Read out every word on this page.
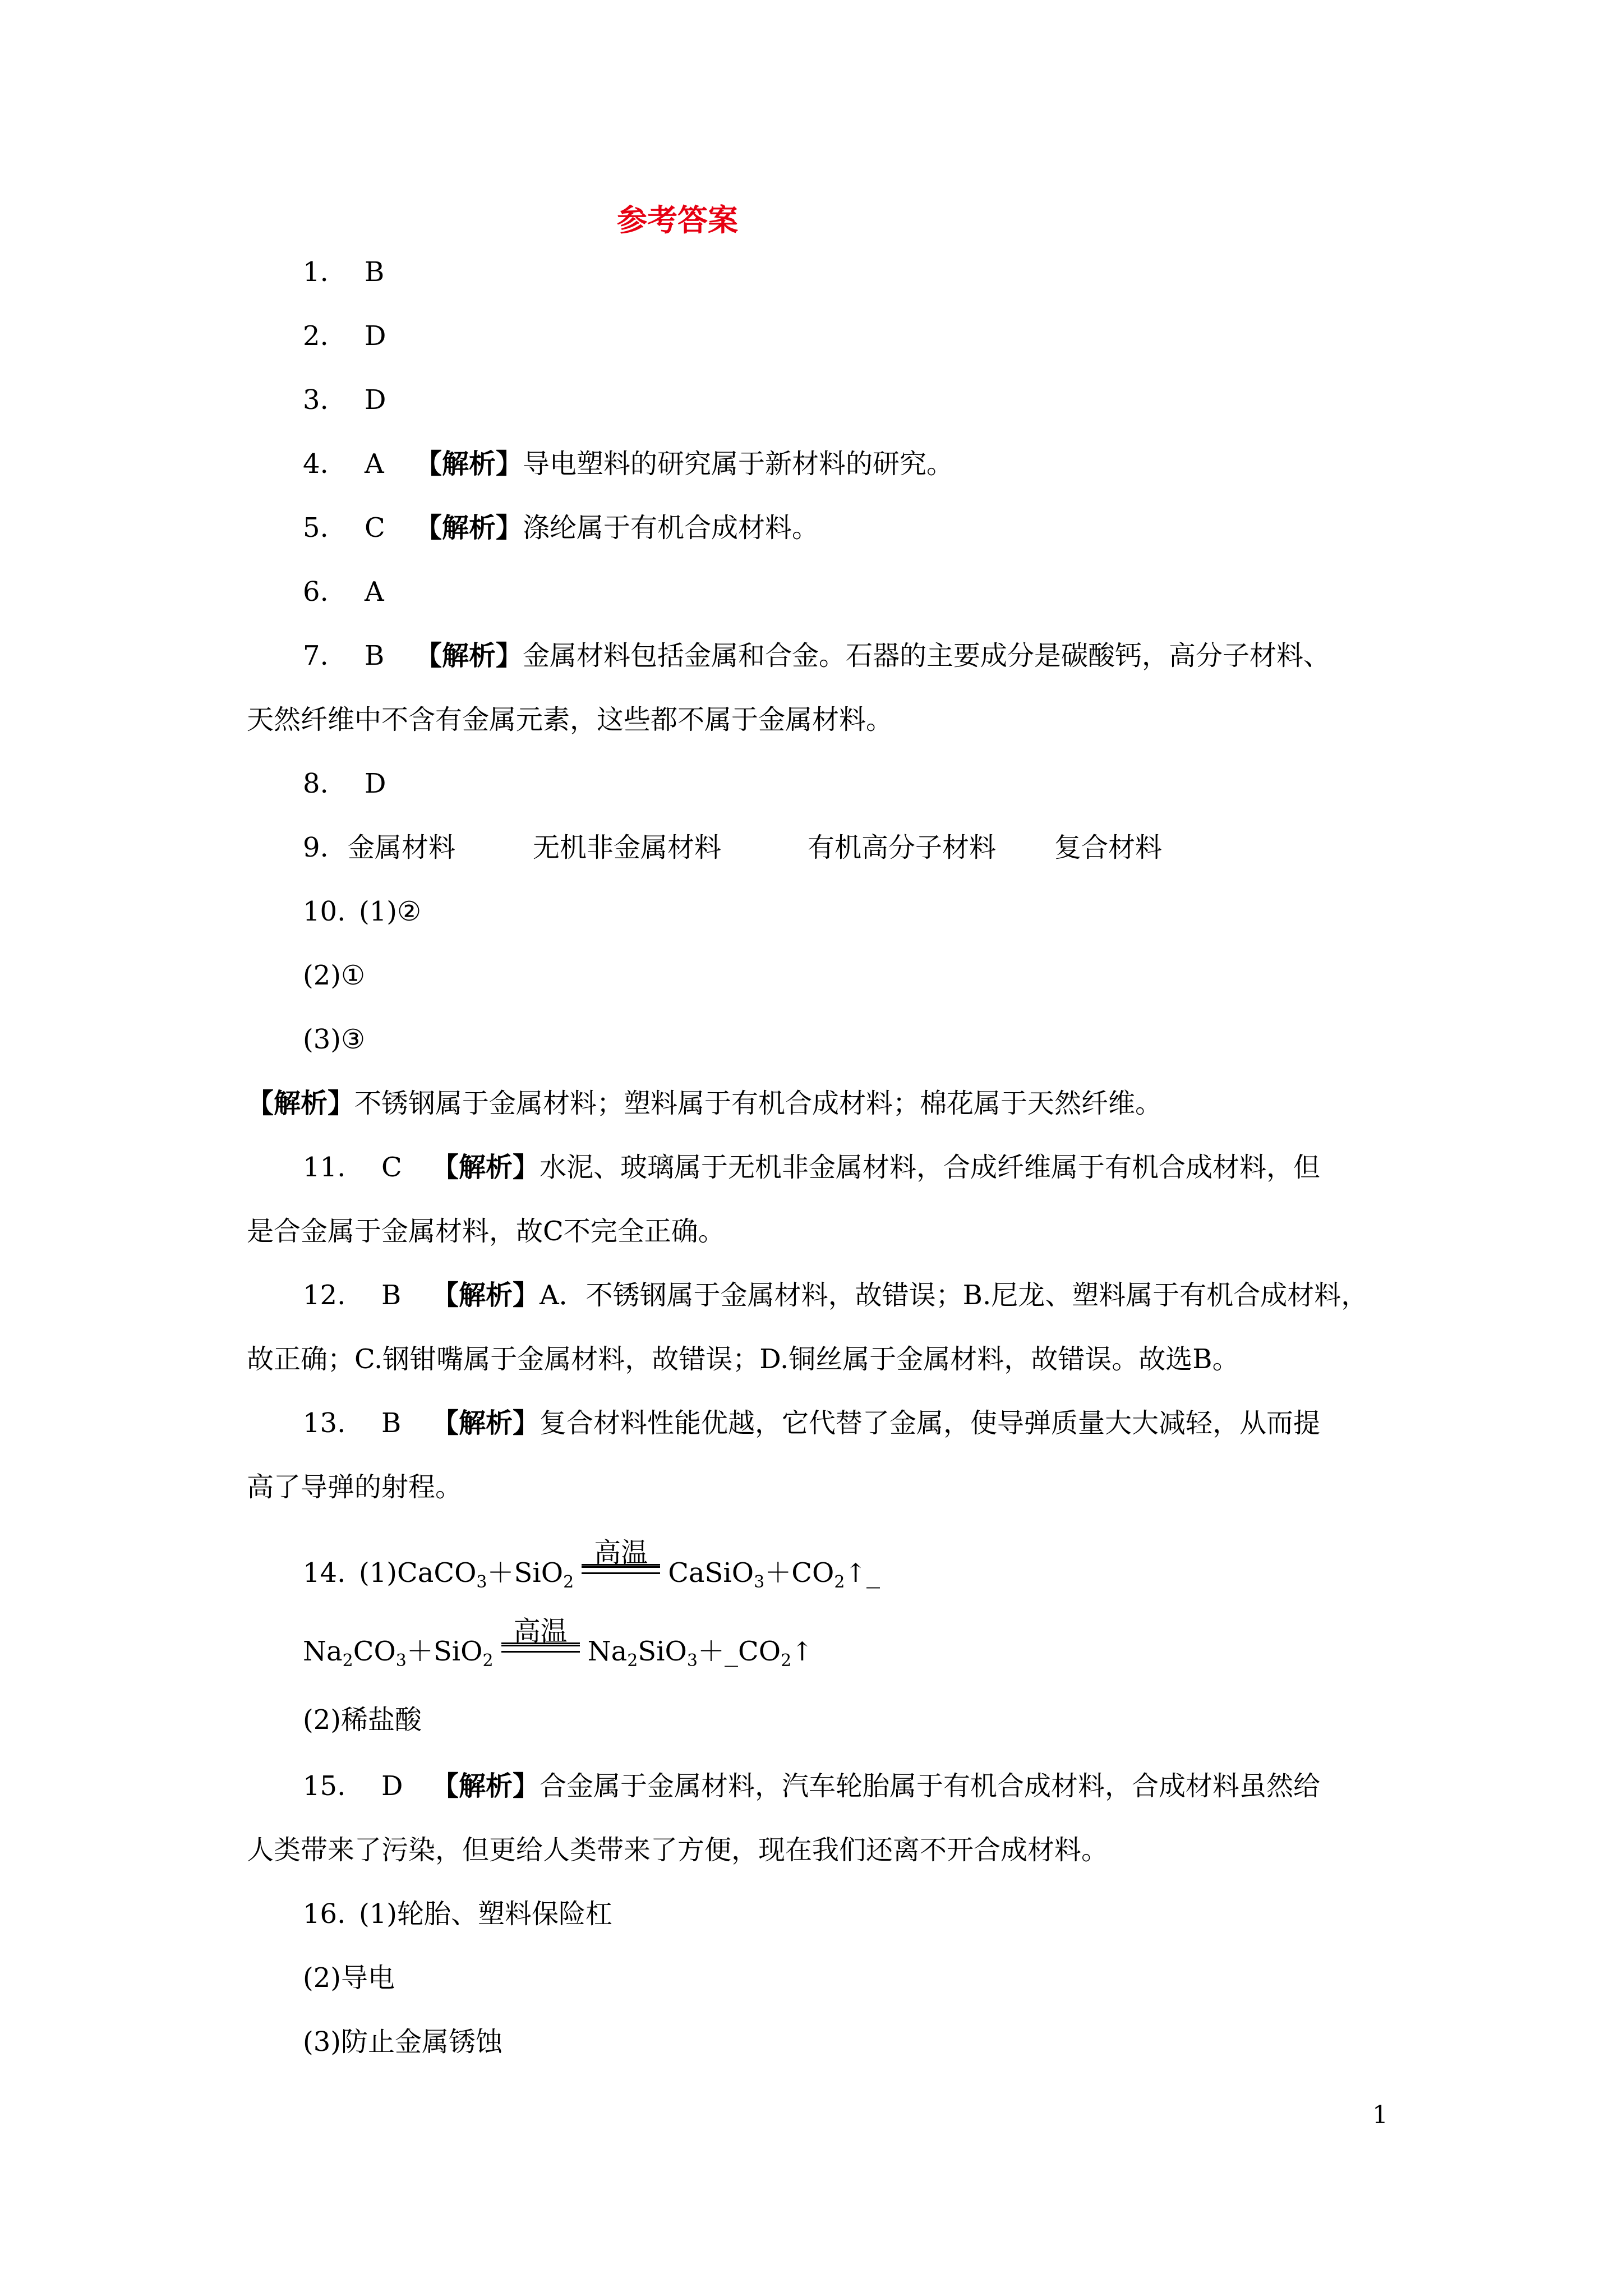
参考答案
1. B
2. D
3. D
4. A 【解析】导电塑料的研究属于新材料的研究。
5. C 【解析】涤纶属于有机合成材料。
6. A
7. B 【解析】金属材料包括金属和合金。石器的主要成分是碳酸钙，高分子材料、
天然纤维中不含有金属元素，这些都不属于金属材料。
8. D
9. 金属材料	无机非金属材料	有机高分子材料 复合材料
10. (1)②
(2)①
(3)③
【解析】不锈钢属于金属材料；塑料属于有机合成材料；棉花属于天然纤维。
11. C 【解析】水泥、玻璃属于无机非金属材料，合成纤维属于有机合成材料，但
是合金属于金属材料，故C不完全正确。
12. B 【解析】A．不锈钢属于金属材料，故错误；B.尼龙、塑料属于有机合成材料，
故正确；C.钢钳嘴属于金属材料，故错误；D.铜丝属于金属材料，故错误。故选B。
13. B 【解析】复合材料性能优越，它代替了金属，使导弹质量大大减轻，从而提
高了导弹的射程。
14. (1)CaCO$_3$＋SiO$_2$
高温
$CaSiO_3+CO_2↑\_$
$Na_2CO_3+SiO_2$
高温
$Na_2SiO_3+\_CO_2↑$
(2)稀盐酸
15. D 【解析】合金属于金属材料，汽车轮胎属于有机合成材料，合成材料虽然给
人类带来了污染，但更给人类带来了方便，现在我们还离不开合成材料。
16. (1)轮胎、塑料保险杠
(2)导电
(3)防止金属锈蚀
1
